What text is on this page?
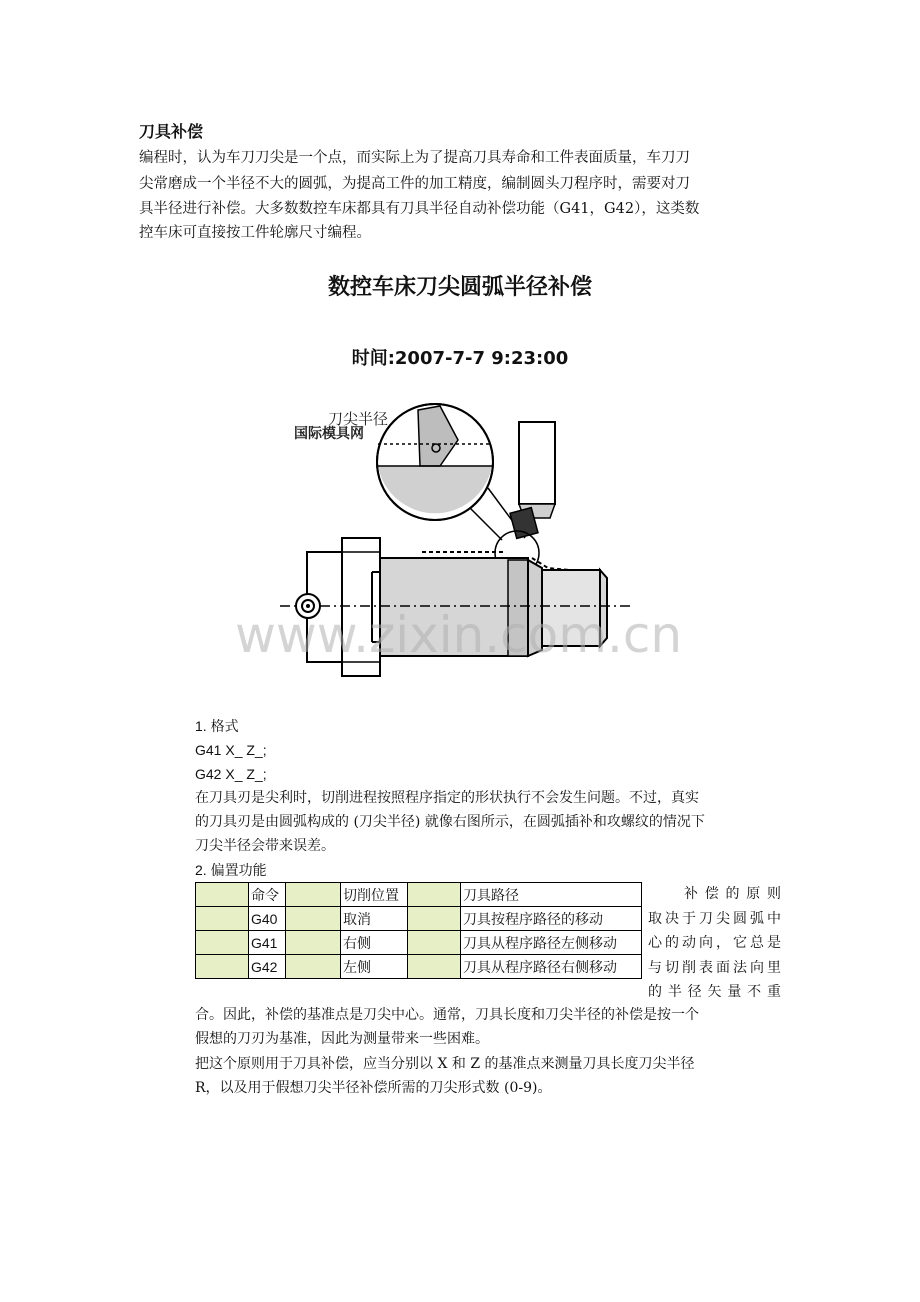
刀具补偿
编程时，认为车刀刀尖是一个点，而实际上为了提高刀具寿命和工件表面质量，车刀刀
尖常磨成一个半径不大的圆弧，为提高工件的加工精度，编制圆头刀程序时，需要对刀
具半径进行补偿。大多数数控车床都具有刀具半径自动补偿功能（G41，G42），这类数
控车床可直接按工件轮廓尺寸编程。
数控车床刀尖圆弧半径补偿
时间:2007-7-7 9:23:00
刀尖半径
国际模具网
www.zixin.com.cn
1. 格式
G41 X_ Z_;
G42 X_ Z_;
在刀具刃是尖利时，切削进程按照程序指定的形状执行不会发生问题。不过，真实
的刀具刃是由圆弧构成的 (刀尖半径) 就像右图所示，在圆弧插补和攻螺纹的情况下
刀尖半径会带来误差。
2. 偏置功能
	命令		切削位置		刀具路径
	G40		取消		刀具按程序路径的移动
	G41		右侧		刀具从程序路径左侧移动
	G42		左侧		刀具从程序路径右侧移动
补偿的原则
取决于刀尖圆弧中
心的动向，它总是
与切削表面法向里
的半径矢量不重
合。因此，补偿的基准点是刀尖中心。通常，刀具长度和刀尖半径的补偿是按一个
假想的刀刃为基准，因此为测量带来一些困难。
把这个原则用于刀具补偿，应当分别以 X 和 Z 的基准点来测量刀具长度刀尖半径
R，以及用于假想刀尖半径补偿所需的刀尖形式数 (0-9)。
